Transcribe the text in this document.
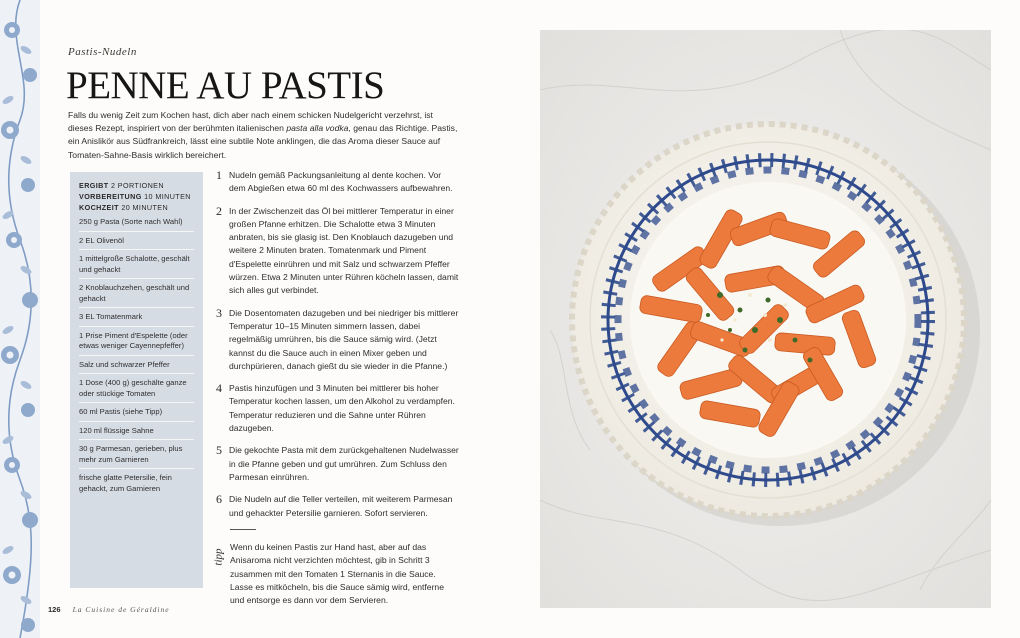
Pastis-Nudeln
PENNE AU PASTIS

Falls du wenig Zeit zum Kochen hast, dich aber nach einem schicken Nudelgericht verzehrst, ist dieses Rezept, inspiriert von der berühmten italienischen pasta alla vodka, genau das Richtige. Pastis, ein Anislikör aus Südfrankreich, lässt eine subtile Note anklingen, die das Aroma dieser Sauce auf Tomaten-Sahne-Basis wirklich bereichert.

ERGIBT 2 PORTIONEN
VORBEREITUNG 10 MINUTEN
KOCHZEIT 20 MINUTEN
250 g Pasta (Sorte nach Wahl)
2 EL Olivenöl
1 mittelgroße Schalotte, geschält und gehackt
2 Knoblauchzehen, geschält und gehackt
3 EL Tomatenmark
1 Prise Piment d'Espelette (oder etwas weniger Cayennepfeffer)
Salz und schwarzer Pfeffer
1 Dose (400 g) geschälte ganze oder stückige Tomaten
60 ml Pastis (siehe Tipp)
120 ml flüssige Sahne
30 g Parmesan, gerieben, plus mehr zum Garnieren
frische glatte Petersilie, fein gehackt, zum Garnieren
1 Nudeln gemäß Packungsanleitung al dente kochen. Vor dem Abgießen etwa 60 ml des Kochwassers aufbewahren.
2 In der Zwischenzeit das Öl bei mittlerer Temperatur in einer großen Pfanne erhitzen. Die Schalotte etwa 3 Minuten anbraten, bis sie glasig ist. Den Knoblauch dazugeben und weitere 2 Minuten braten. Tomatenmark und Piment d'Espelette einrühren und mit Salz und schwarzem Pfeffer würzen. Etwa 2 Minuten unter Rühren köcheln lassen, damit sich alles gut verbindet.
3 Die Dosentomaten dazugeben und bei niedriger bis mittlerer Temperatur 10–15 Minuten simmern lassen, dabei regelmäßig umrühren, bis die Sauce sämig wird. (Jetzt kannst du die Sauce auch in einen Mixer geben und durchpürieren, danach gießt du sie wieder in die Pfanne.)
4 Pastis hinzufügen und 3 Minuten bei mittlerer bis hoher Temperatur kochen lassen, um den Alkohol zu verdampfen. Temperatur reduzieren und die Sahne unter Rühren dazugeben.
5 Die gekochte Pasta mit dem zurückgehaltenen Nudelwasser in die Pfanne geben und gut umrühren. Zum Schluss den Parmesan einrühren.
6 Die Nudeln auf die Teller verteilen, mit weiterem Parmesan und gehackter Petersilie garnieren. Sofort servieren.
tipp
Wenn du keinen Pastis zur Hand hast, aber auf das Anisaroma nicht verzichten möchtest, gib in Schritt 3 zusammen mit den Tomaten 1 Sternanis in die Sauce. Lasse es mitköcheln, bis die Sauce sämig wird, entferne und entsorge es dann vor dem Servieren.
126 La Cuisine de Géraldine
